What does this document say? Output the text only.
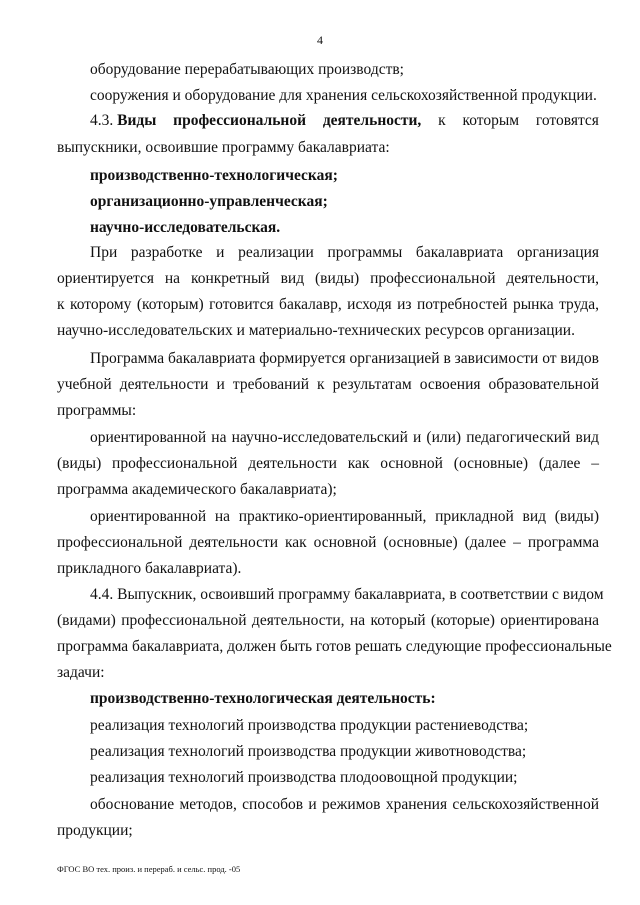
4
оборудование перерабатывающих производств;
сооружения и оборудование для хранения сельскохозяйственной продукции.
4.3. Виды профессиональной деятельности, к которым готовятся
выпускники, освоившие программу бакалавриата:
производственно-технологическая;
организационно-управленческая;
научно-исследовательская.
При разработке и реализации программы бакалавриата организация
ориентируется на конкретный вид (виды) профессиональной деятельности,
к которому (которым) готовится бакалавр, исходя из потребностей рынка труда,
научно-исследовательских и материально-технических ресурсов организации.
Программа бакалавриата формируется организацией в зависимости от видов
учебной деятельности и требований к результатам освоения образовательной
программы:
ориентированной на научно-исследовательский и (или) педагогический вид
(виды) профессиональной деятельности как основной (основные) (далее –
программа академического бакалавриата);
ориентированной на практико-ориентированный, прикладной вид (виды)
профессиональной деятельности как основной (основные) (далее – программа
прикладного бакалавриата).
4.4. Выпускник, освоивший программу бакалавриата, в соответствии с видом
(видами) профессиональной деятельности, на который (которые) ориентирована
программа бакалавриата, должен быть готов решать следующие профессиональные
задачи:
производственно-технологическая деятельность:
реализация технологий производства продукции растениеводства;
реализация технологий производства продукции животноводства;
реализация технологий производства плодоовощной продукции;
обоснование методов, способов и режимов хранения сельскохозяйственной
продукции;
ФГОС ВО тех. произ. и перераб. и сельс. прод. -05
